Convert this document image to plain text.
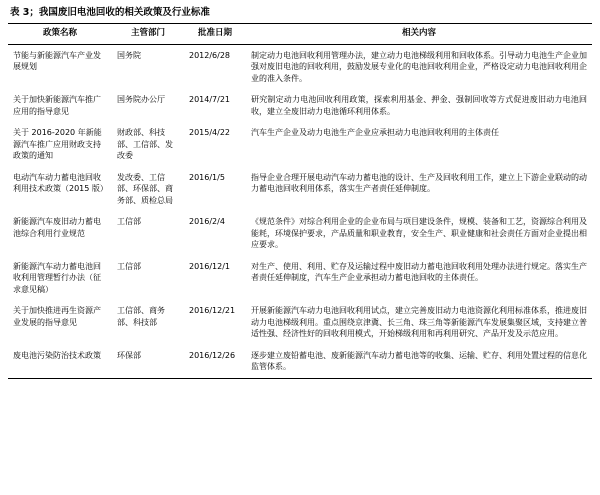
表 3；我国废旧电池回收的相关政策及行业标准
政策名称	主管部门	批准日期	相关内容
节能与新能源汽车产业发展规划	国务院	2012/6/28	制定动力电池回收利用管理办法，建立动力电池梯级利用和回收体系。引导动力电池生产企业加强对废旧电池的回收利用，鼓励发展专业化的电池回收利用企业，严格设定动力电池回收利用企业的准入条件。
关于加快新能源汽车推广应用的指导意见	国务院办公厅	2014/7/21	研究制定动力电池回收利用政策，探索利用基金、押金、强制回收等方式促进废旧动力电池回收，建立全废旧动力电池循环利用体系。
关于 2016-2020 年新能源汽车推广应用财政支持政策的通知	财政部、科技部、工信部、发改委	2015/4/22	汽车生产企业及动力电池生产企业应承担动力电池回收利用的主体责任
电动汽车动力蓄电池回收利用技术政策（2015 版）	发改委、工信部、环保部、商务部、质检总局	2016/1/5	指导企业合理开展电动汽车动力蓄电池的设计、生产及回收利用工作，建立上下游企业联动的动力蓄电池回收利用体系，落实生产者责任延伸制度。
新能源汽车废旧动力蓄电池综合利用行业规范	工信部	2016/2/4	《规范条件》对综合利用企业的企业布局与项目建设条件，规模、装备和工艺，资源综合利用及能耗，环境保护要求，产品质量和职业教育，安全生产、职业健康和社会责任方面对企业提出相应要求。
新能源汽车动力蓄电池回收利用管理暂行办法（征求意见稿）	工信部	2016/12/1	对生产、使用、利用、贮存及运输过程中废旧动力蓄电池回收利用处理办法进行规定。落实生产者责任延伸制度，汽车生产企业承担动力蓄电池回收的主体责任。
关于加快推进再生资源产业发展的指导意见	工信部、商务部、科技部	2016/12/21	开展新能源汽车动力电池回收利用试点，建立完善废旧动力电池资源化利用标准体系，推进废旧动力电池梯级利用。重点围绕京津冀、长三角、珠三角等新能源汽车发展集聚区域，支持建立普适性强、经济性好的回收利用模式，开始梯级利用和再利用研究、产品开发及示范应用。
废电池污染防治技术政策	环保部	2016/12/26	逐步建立废铅蓄电池、废新能源汽车动力蓄电池等的收集、运输、贮存、利用处置过程的信息化监管体系。
